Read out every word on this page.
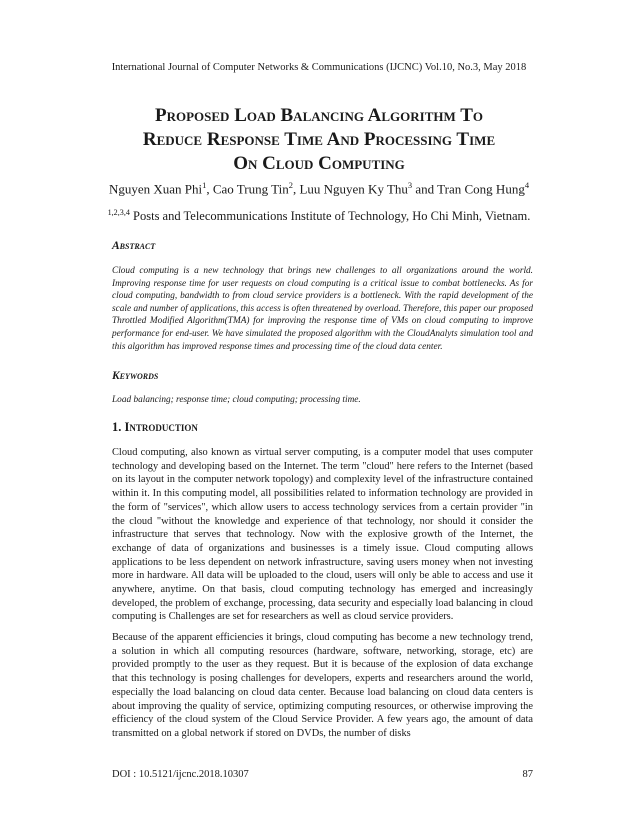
International Journal of Computer Networks & Communications (IJCNC) Vol.10, No.3, May 2018
Proposed Load Balancing Algorithm To
Reduce Response Time And Processing Time
On Cloud Computing
Nguyen Xuan Phi$^1$, Cao Trung Tin$^2$, Luu Nguyen Ky Thu$^3$ and Tran Cong Hung$^4$
$^{1,2,3,4}$ Posts and Telecommunications Institute of Technology, Ho Chi Minh, Vietnam.
Abstract
Cloud computing is a new technology that brings new challenges to all organizations around the world. Improving response time for user requests on cloud computing is a critical issue to combat bottlenecks. As for cloud computing, bandwidth to from cloud service providers is a bottleneck. With the rapid development of the scale and number of applications, this access is often threatened by overload. Therefore, this paper our proposed Throttled Modified Algorithm(TMA) for improving the response time of VMs on cloud computing to improve performance for end-user. We have simulated the proposed algorithm with the CloudAnalyts simulation tool and this algorithm has improved response times and processing time of the cloud data center.
Keywords
Load balancing; response time; cloud computing; processing time.
1. Introduction
Cloud computing, also known as virtual server computing, is a computer model that uses computer technology and developing based on the Internet. The term "cloud" here refers to the Internet (based on its layout in the computer network topology) and complexity level of the infrastructure contained within it. In this computing model, all possibilities related to information technology are provided in the form of "services", which allow users to access technology services from a certain provider "in the cloud "without the knowledge and experience of that technology, nor should it consider the infrastructure that serves that technology. Now with the explosive growth of the Internet, the exchange of data of organizations and businesses is a timely issue. Cloud computing allows applications to be less dependent on network infrastructure, saving users money when not investing more in hardware. All data will be uploaded to the cloud, users will only be able to access and use it anywhere, anytime. On that basis, cloud computing technology has emerged and increasingly developed, the problem of exchange, processing, data security and especially load balancing in cloud computing is Challenges are set for researchers as well as cloud service providers.
Because of the apparent efficiencies it brings, cloud computing has become a new technology trend, a solution in which all computing resources (hardware, software, networking, storage, etc) are provided promptly to the user as they request. But it is because of the explosion of data exchange that this technology is posing challenges for developers, experts and researchers around the world, especially the load balancing on cloud data center. Because load balancing on cloud data centers is about improving the quality of service, optimizing computing resources, or otherwise improving the efficiency of the cloud system of the Cloud Service Provider. A few years ago, the amount of data transmitted on a global network if stored on DVDs, the number of disks
DOI : 10.5121/ijcnc.2018.10307	87
